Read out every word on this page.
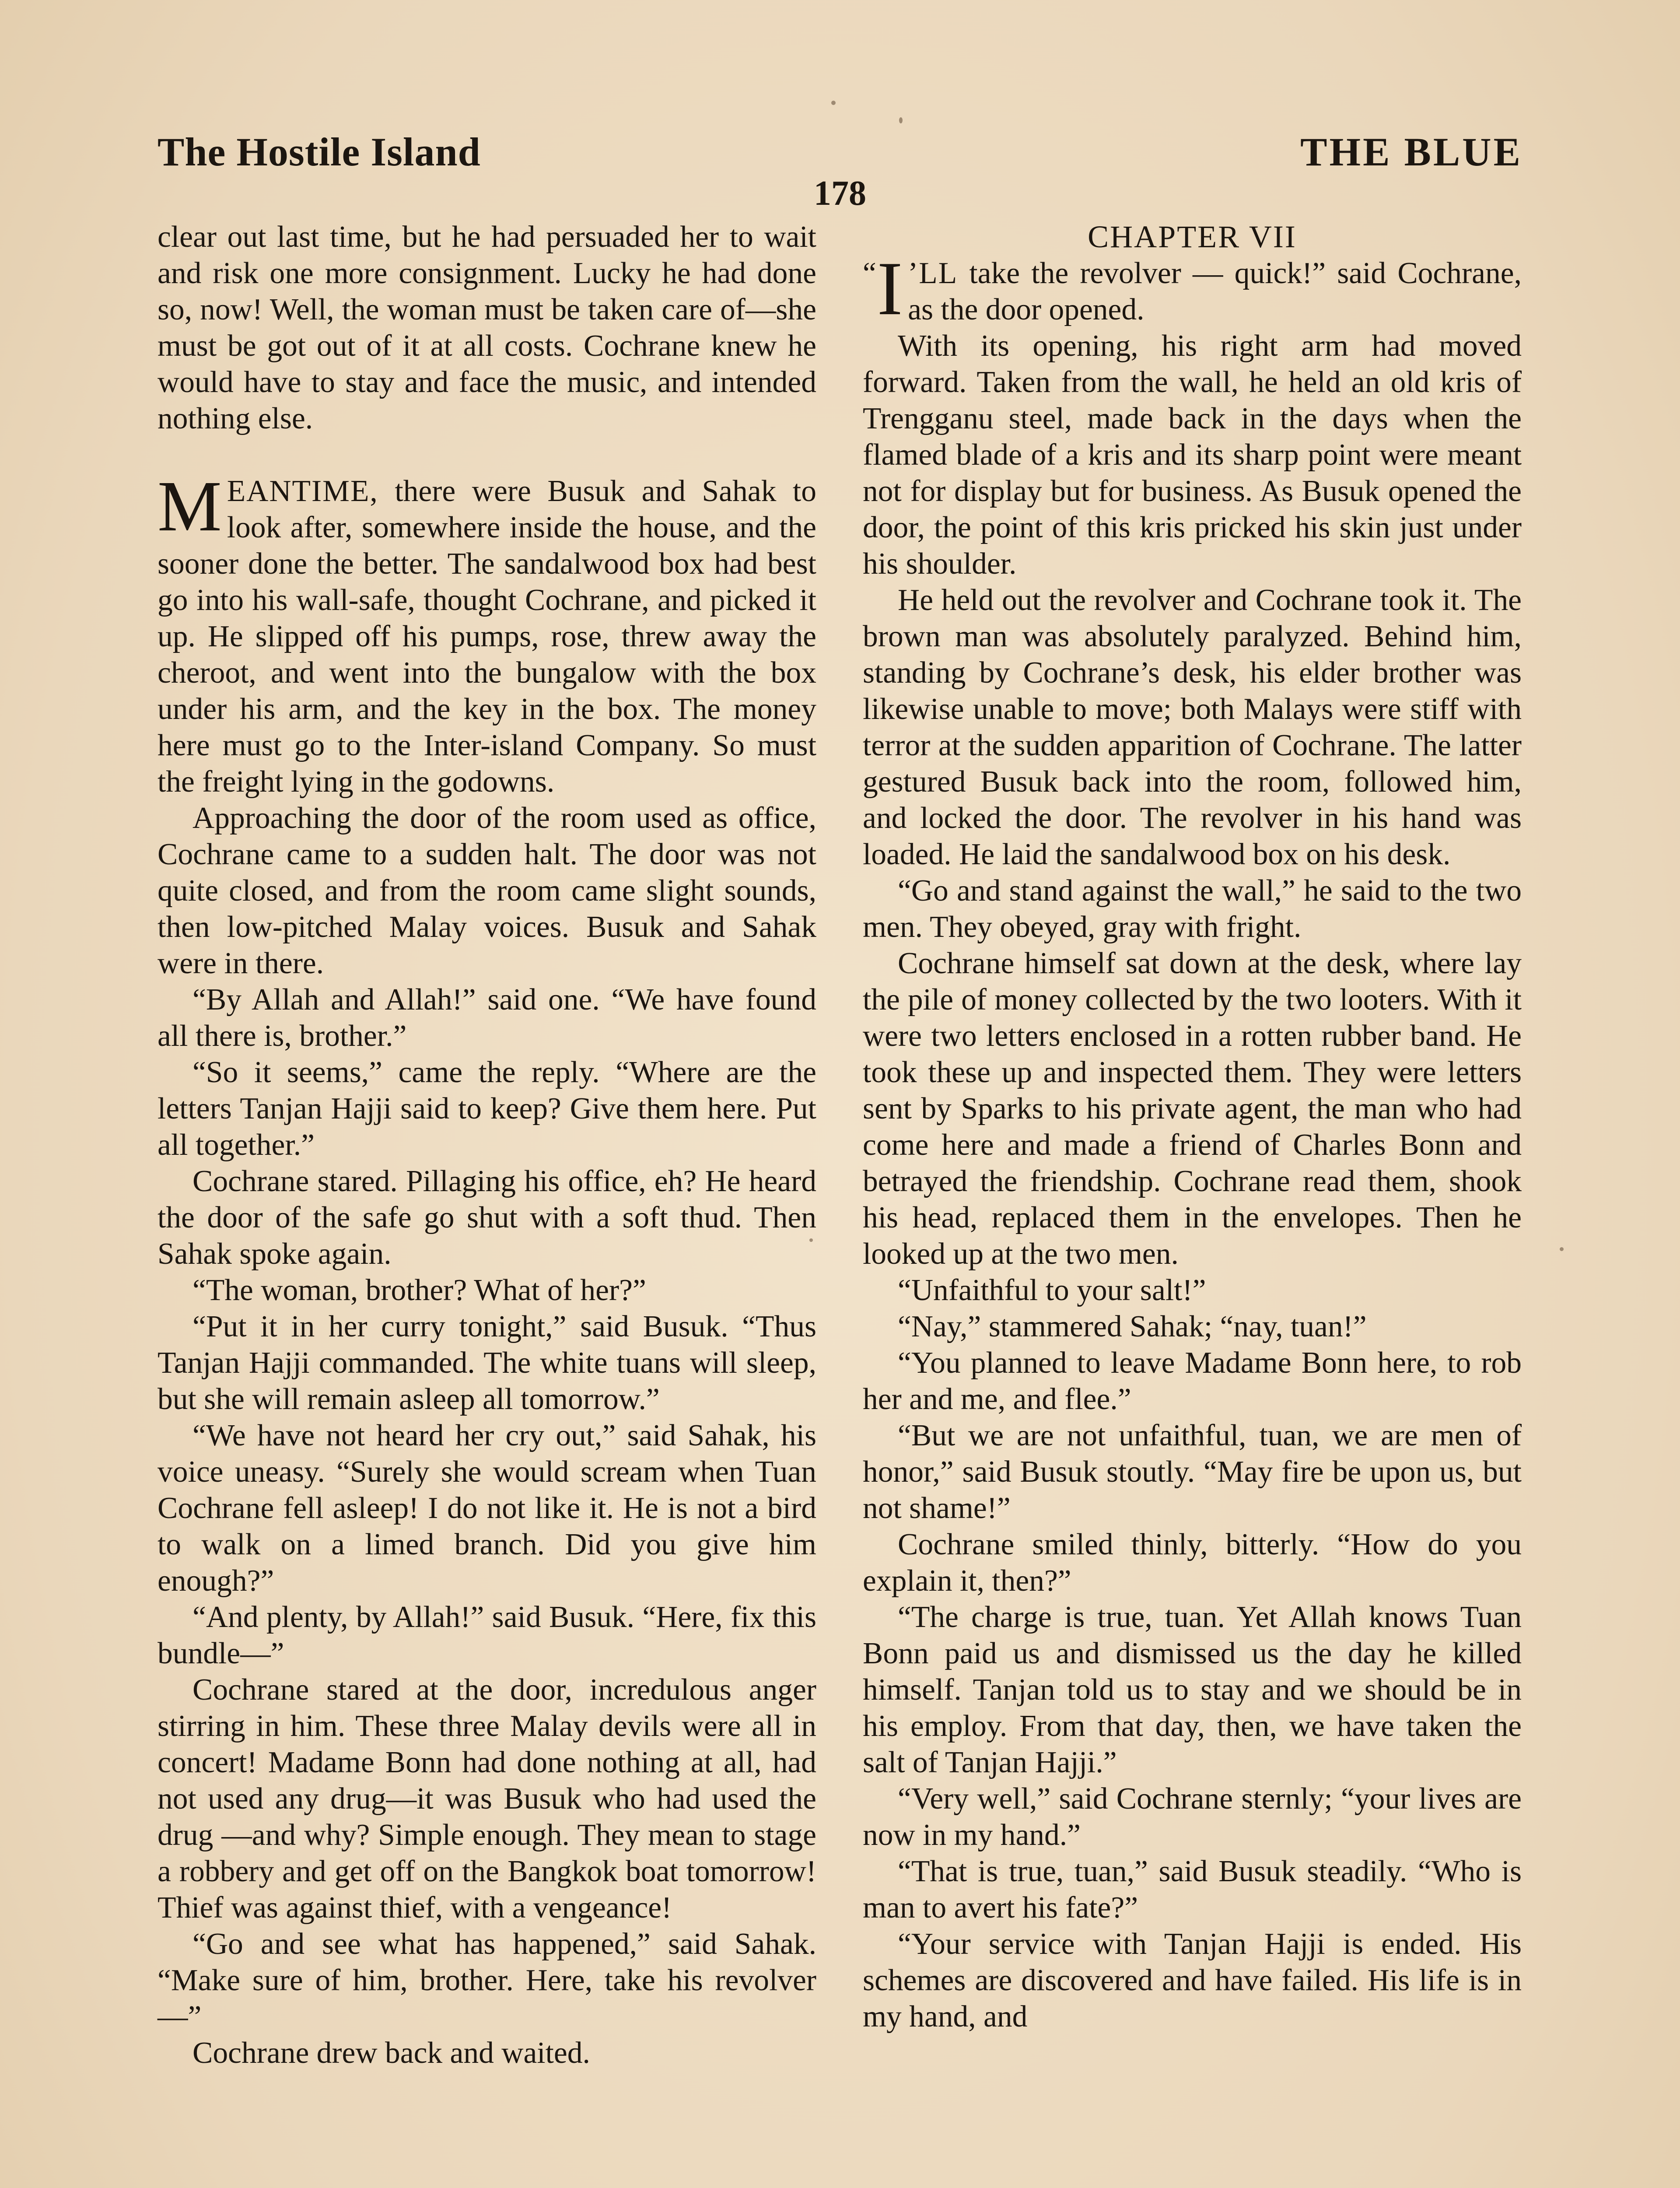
The Hostile Island	THE BLUE
178

clear out last time, but he had persuaded her to wait and risk one more consignment. Lucky he had done so, now! Well, the woman must be taken care of—she must be got out of it at all costs. Cochrane knew he would have to stay and face the music, and intended nothing else.

MEANTIME, there were Busuk and Sahak to look after, somewhere inside the house, and the sooner done the better. The sandalwood box had best go into his wall-safe, thought Cochrane, and picked it up. He slipped off his pumps, rose, threw away the cheroot, and went into the bungalow with the box under his arm, and the key in the box. The money here must go to the Inter-island Company. So must the freight lying in the godowns.

Approaching the door of the room used as office, Cochrane came to a sudden halt. The door was not quite closed, and from the room came slight sounds, then low-pitched Malay voices. Busuk and Sahak were in there.

“By Allah and Allah!” said one. “We have found all there is, brother.”

“So it seems,” came the reply. “Where are the letters Tanjan Hajji said to keep? Give them here. Put all together.”

Cochrane stared. Pillaging his office, eh? He heard the door of the safe go shut with a soft thud. Then Sahak spoke again.

“The woman, brother? What of her?”

“Put it in her curry tonight,” said Busuk. “Thus Tanjan Hajji commanded. The white tuans will sleep, but she will remain asleep all tomorrow.”

“We have not heard her cry out,” said Sahak, his voice uneasy. “Surely she would scream when Tuan Cochrane fell asleep! I do not like it. He is not a bird to walk on a limed branch. Did you give him enough?”

“And plenty, by Allah!” said Busuk. “Here, fix this bundle—”

Cochrane stared at the door, incredulous anger stirring in him. These three Malay devils were all in concert! Madame Bonn had done nothing at all, had not used any drug—it was Busuk who had used the drug —and why? Simple enough. They mean to stage a robbery and get off on the Bangkok boat tomorrow! Thief was against thief, with a vengeance!

“Go and see what has happened,” said Sahak. “Make sure of him, brother. Here, take his revolver—”

Cochrane drew back and waited.

CHAPTER VII

“ I ’LL take the revolver — quick!” said Cochrane, as the door opened.

With its opening, his right arm had moved forward. Taken from the wall, he held an old kris of Trengganu steel, made back in the days when the flamed blade of a kris and its sharp point were meant not for display but for business. As Busuk opened the door, the point of this kris pricked his skin just under his shoulder.

He held out the revolver and Cochrane took it. The brown man was absolutely paralyzed. Behind him, standing by Cochrane’s desk, his elder brother was likewise unable to move; both Malays were stiff with terror at the sudden apparition of Cochrane. The latter gestured Busuk back into the room, followed him, and locked the door. The revolver in his hand was loaded. He laid the sandalwood box on his desk.

“Go and stand against the wall,” he said to the two men. They obeyed, gray with fright.

Cochrane himself sat down at the desk, where lay the pile of money collected by the two looters. With it were two letters enclosed in a rotten rubber band. He took these up and inspected them. They were letters sent by Sparks to his private agent, the man who had come here and made a friend of Charles Bonn and betrayed the friendship. Cochrane read them, shook his head, replaced them in the envelopes. Then he looked up at the two men.

“Unfaithful to your salt!”

“Nay,” stammered Sahak; “nay, tuan!”

“You planned to leave Madame Bonn here, to rob her and me, and flee.”

“But we are not unfaithful, tuan, we are men of honor,” said Busuk stoutly. “May fire be upon us, but not shame!”

Cochrane smiled thinly, bitterly. “How do you explain it, then?”

“The charge is true, tuan. Yet Allah knows Tuan Bonn paid us and dismissed us the day he killed himself. Tanjan told us to stay and we should be in his employ. From that day, then, we have taken the salt of Tanjan Hajji.”

“Very well,” said Cochrane sternly; “your lives are now in my hand.”

“That is true, tuan,” said Busuk steadily. “Who is man to avert his fate?”

“Your service with Tanjan Hajji is ended. His schemes are discovered and have failed. His life is in my hand, and
